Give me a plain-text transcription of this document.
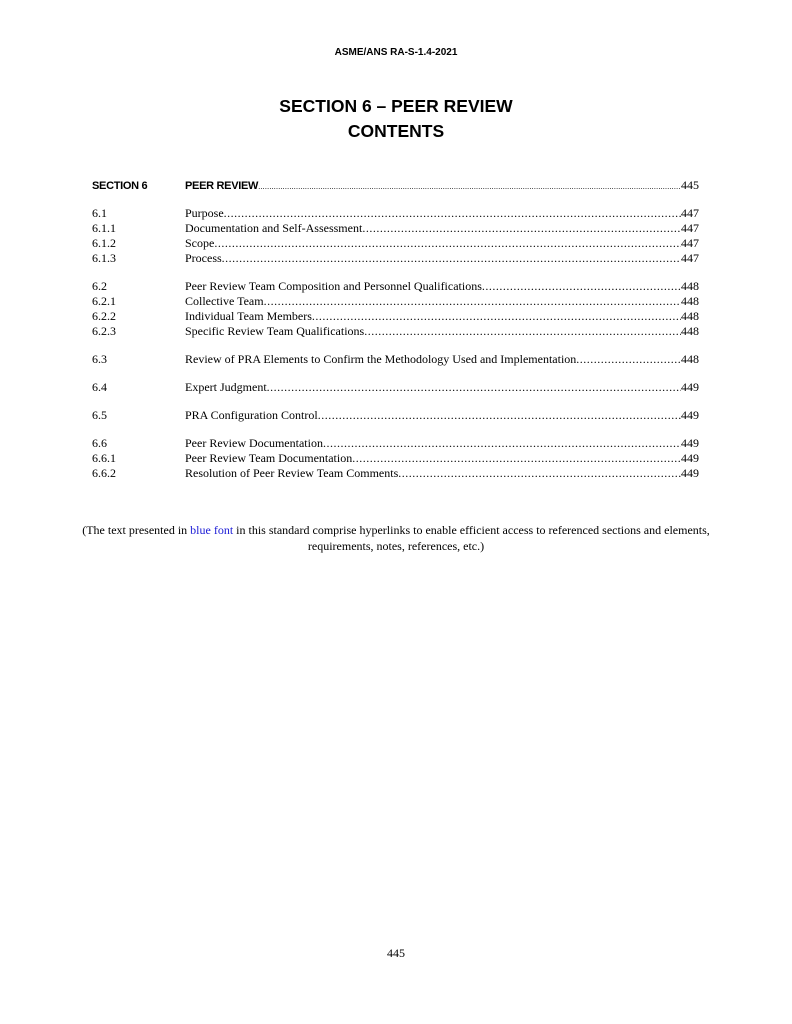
ASME/ANS RA-S-1.4-2021
SECTION 6 – PEER REVIEW
CONTENTS
SECTION 6	PEER REVIEW .....	445
6.1	Purpose .....	447
6.1.1	Documentation and Self-Assessment .....	447
6.1.2	Scope .....	447
6.1.3	Process .....	447
6.2	Peer Review Team Composition and Personnel Qualifications .....	448
6.2.1	Collective Team .....	448
6.2.2	Individual Team Members .....	448
6.2.3	Specific Review Team Qualifications .....	448
6.3	Review of PRA Elements to Confirm the Methodology Used and Implementation .....	448
6.4	Expert Judgment .....	449
6.5	PRA Configuration Control .....	449
6.6	Peer Review Documentation .....	449
6.6.1	Peer Review Team Documentation .....	449
6.6.2	Resolution of Peer Review Team Comments .....	449
(The text presented in blue font in this standard comprise hyperlinks to enable efficient access to referenced sections and elements, requirements, notes, references, etc.)
445
